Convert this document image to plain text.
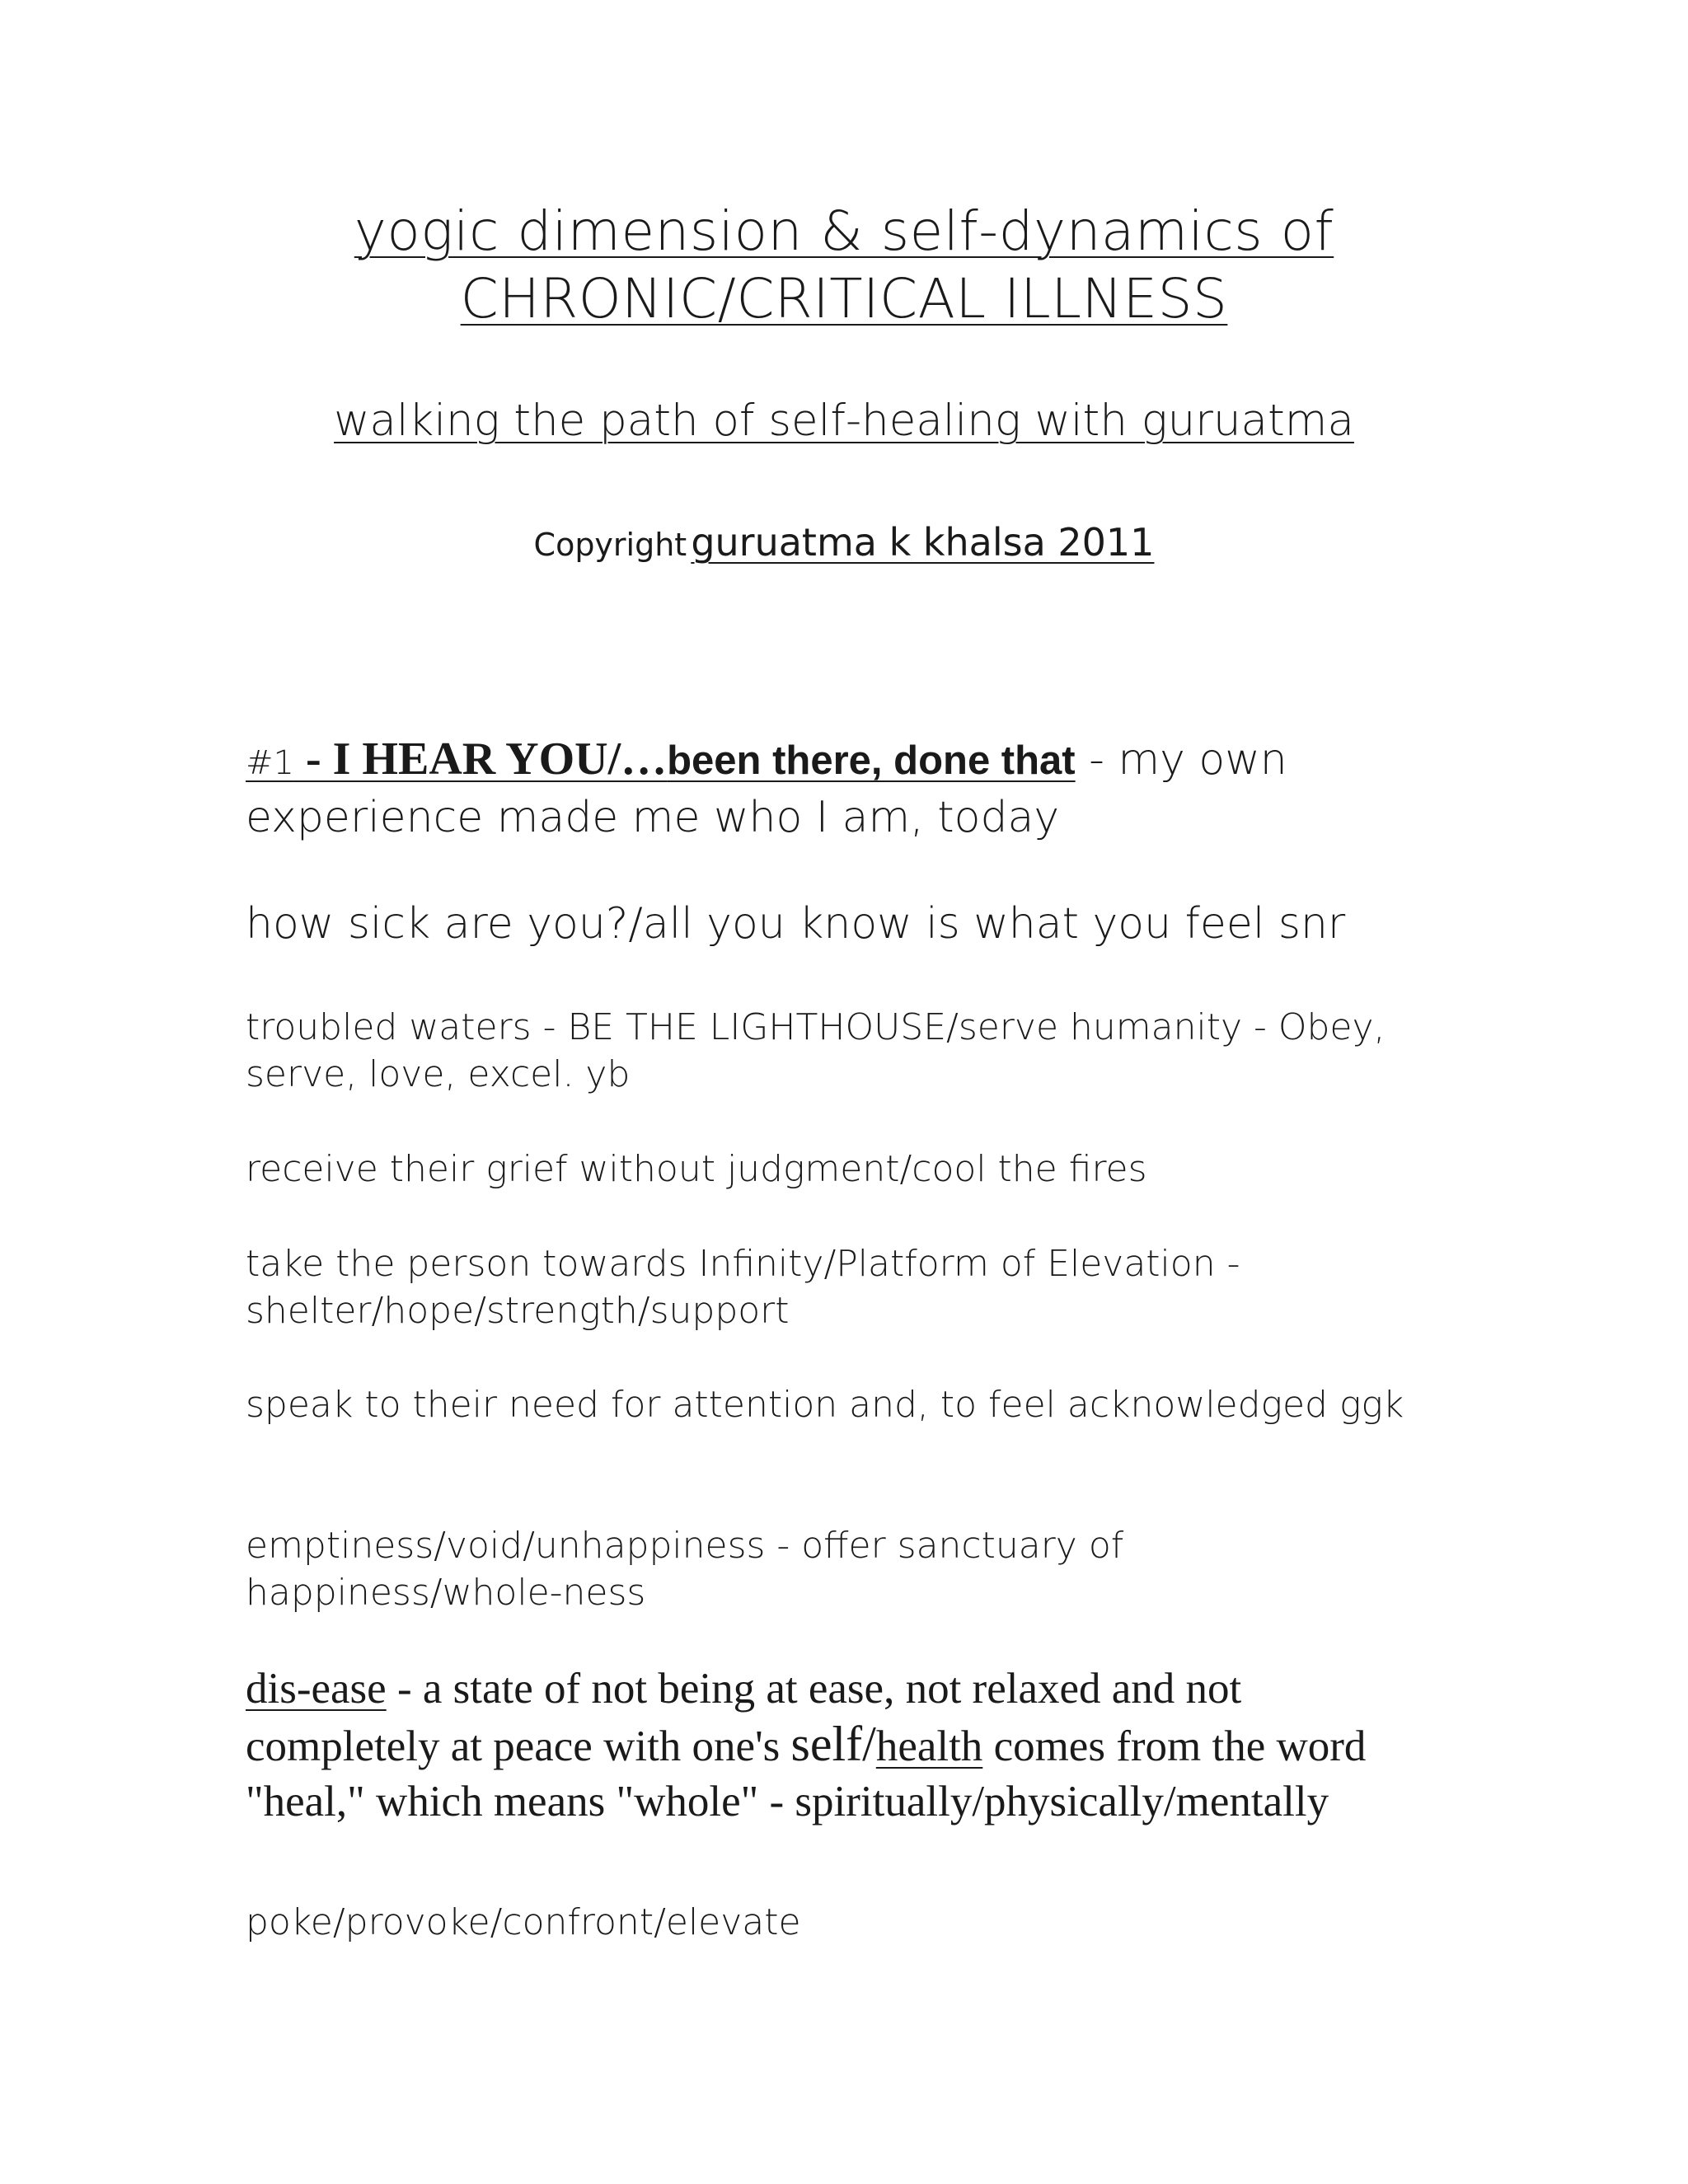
yogic dimension & self-dynamics of
CHRONIC/CRITICAL ILLNESS
walking the path of self-healing with guruatma
Copyright guruatma k khalsa 2011
#1 - I HEAR YOU/…been there, done that - my own experience made me who I am, today
how sick are you?/all you know is what you feel snr
troubled waters - BE THE LIGHTHOUSE/serve humanity - Obey, serve, love, excel. yb
receive their grief without judgment/cool the fires
take the person towards Infinity/Platform of Elevation - shelter/hope/strength/support
speak to their need for attention and, to feel acknowledged ggk
emptiness/void/unhappiness - offer sanctuary of happiness/whole-ness
dis-ease - a state of not being at ease, not relaxed and not completely at peace with one's self/health comes from the word "heal," which means "whole" - spiritually/physically/mentally
poke/provoke/confront/elevate
